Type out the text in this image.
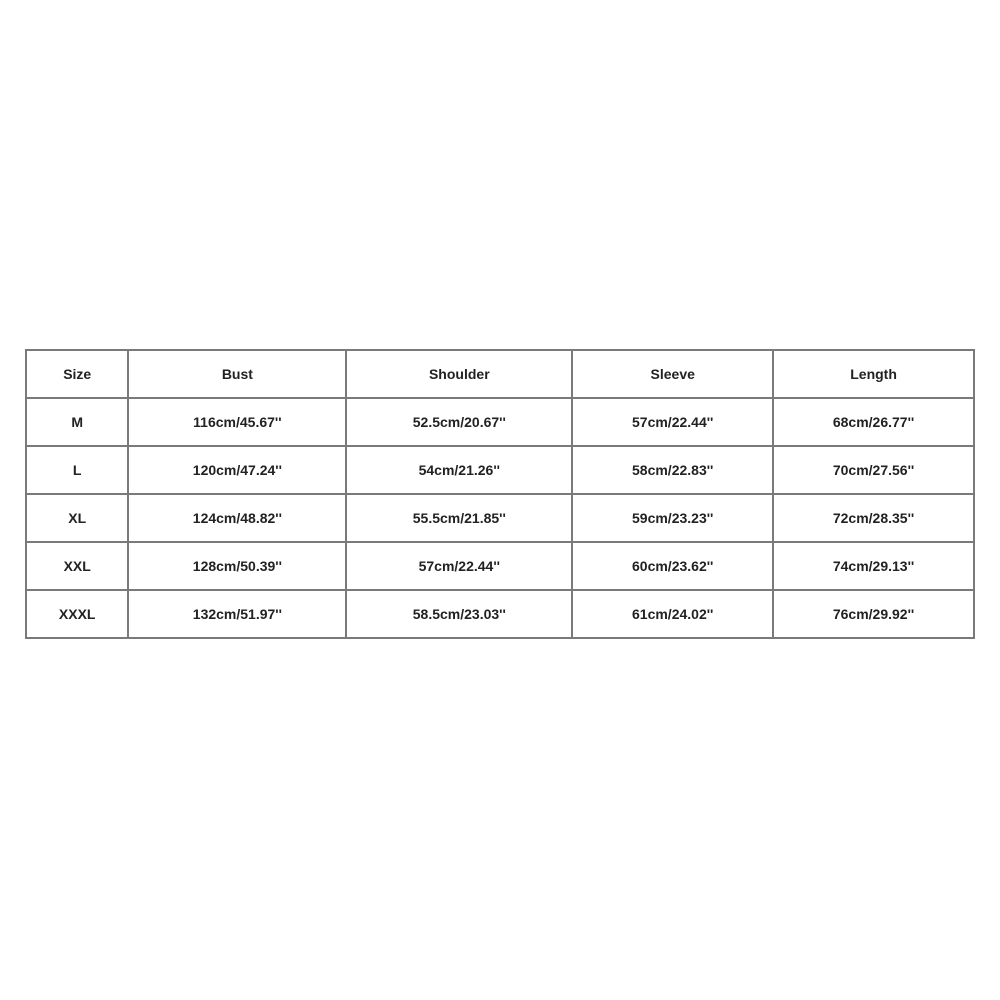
Size	Bust	Shoulder	Sleeve	Length
M	116cm/45.67''	52.5cm/20.67''	57cm/22.44''	68cm/26.77''
L	120cm/47.24''	54cm/21.26''	58cm/22.83''	70cm/27.56''
XL	124cm/48.82''	55.5cm/21.85''	59cm/23.23''	72cm/28.35''
XXL	128cm/50.39''	57cm/22.44''	60cm/23.62''	74cm/29.13''
XXXL	132cm/51.97''	58.5cm/23.03''	61cm/24.02''	76cm/29.92''
